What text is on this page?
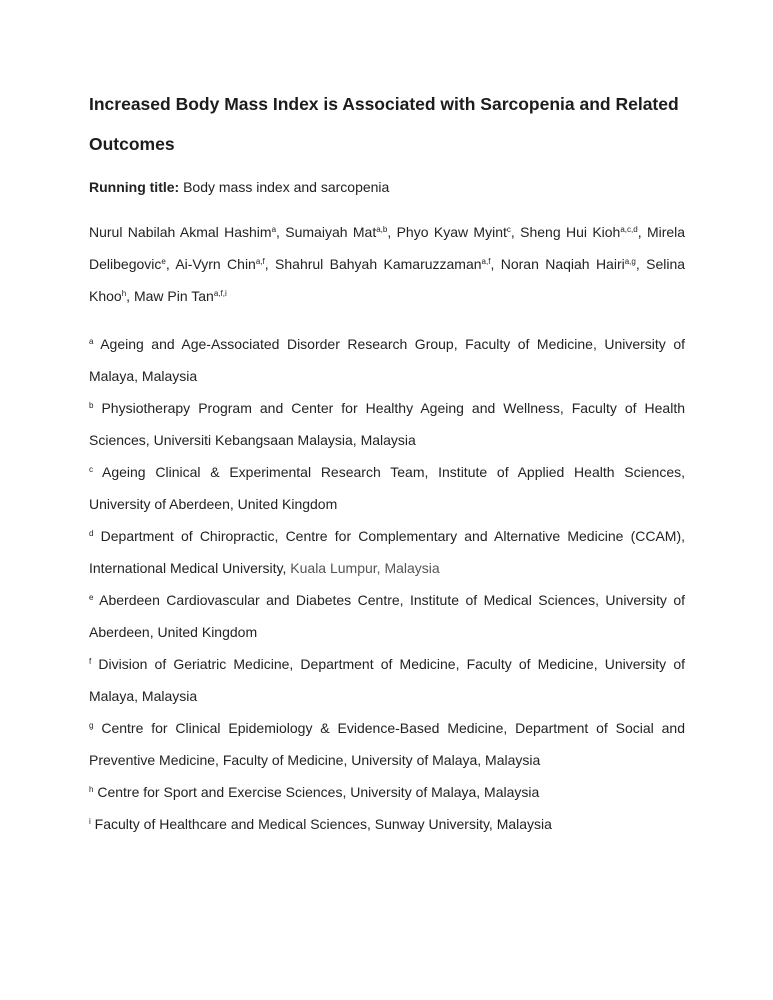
Increased Body Mass Index is Associated with Sarcopenia and Related Outcomes
Running title: Body mass index and sarcopenia
Nurul Nabilah Akmal Hashim$^a$, Sumaiyah Mat$^{a,b}$, Phyo Kyaw Myint$^c$, Sheng Hui Kioh$^{a,c,d}$, Mirela Delibegovic$^e$, Ai-Vyrn Chin$^{a,f}$, Shahrul Bahyah Kamaruzzaman$^{a,f}$, Noran Naqiah Hairi$^{a,g}$, Selina Khoo$^h$, Maw Pin Tan$^{a,f,i}$

$^a$ Ageing and Age-Associated Disorder Research Group, Faculty of Medicine, University of Malaya, Malaysia

$^b$ Physiotherapy Program and Center for Healthy Ageing and Wellness, Faculty of Health Sciences, Universiti Kebangsaan Malaysia, Malaysia

$^c$ Ageing Clinical & Experimental Research Team, Institute of Applied Health Sciences, University of Aberdeen, United Kingdom

$^d$ Department of Chiropractic, Centre for Complementary and Alternative Medicine (CCAM), International Medical University, Kuala Lumpur, Malaysia

$^e$ Aberdeen Cardiovascular and Diabetes Centre, Institute of Medical Sciences, University of Aberdeen, United Kingdom

$^f$ Division of Geriatric Medicine, Department of Medicine, Faculty of Medicine, University of Malaya, Malaysia

$^g$ Centre for Clinical Epidemiology & Evidence-Based Medicine, Department of Social and Preventive Medicine, Faculty of Medicine, University of Malaya, Malaysia

$^h$ Centre for Sport and Exercise Sciences, University of Malaya, Malaysia

$^i$ Faculty of Healthcare and Medical Sciences, Sunway University, Malaysia
